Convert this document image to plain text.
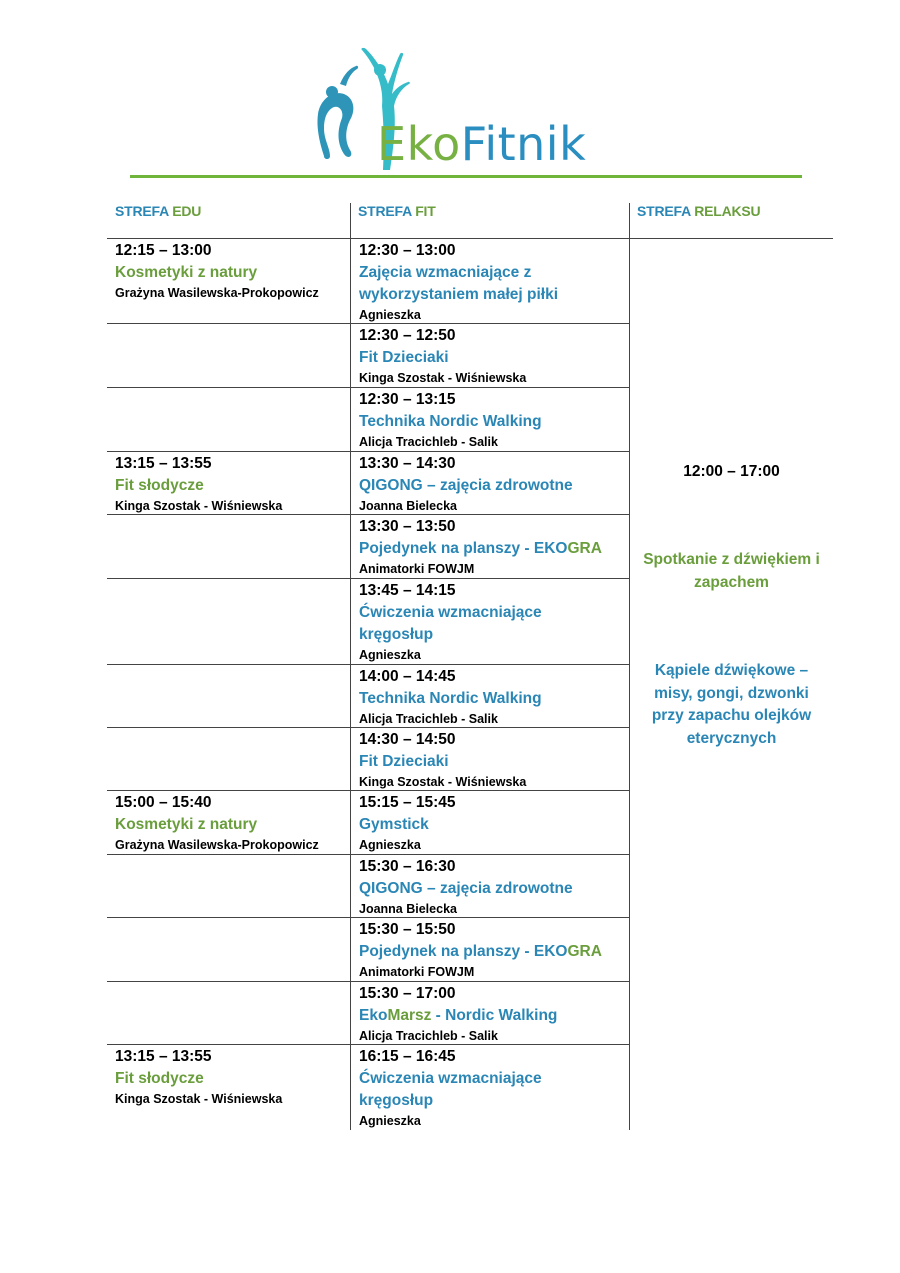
EkoFitnik
STREFA EDU	STREFA FIT	STREFA RELAKSU
12:15 – 13:00
Kosmetyki z natury
Grażyna Wasilewska-Prokopowicz
13:15 – 13:55
Fit słodycze
Kinga Szostak - Wiśniewska
15:00 – 15:40
Kosmetyki z natury
Grażyna Wasilewska-Prokopowicz
13:15 – 13:55
Fit słodycze
Kinga Szostak - Wiśniewska
12:30 – 13:00
Zajęcia wzmacniające z wykorzystaniem małej piłki
Agnieszka
12:30 – 12:50
Fit Dzieciaki
Kinga Szostak - Wiśniewska
12:30 – 13:15
Technika Nordic Walking
Alicja Tracichleb - Salik
13:30 – 14:30
QIGONG – zajęcia zdrowotne
Joanna Bielecka
13:30 – 13:50
Pojedynek na planszy - EKOGRA
Animatorki FOWJM
13:45 – 14:15
Ćwiczenia wzmacniające kręgosłup
Agnieszka
14:00 – 14:45
Technika Nordic Walking
Alicja Tracichleb - Salik
14:30 – 14:50
Fit Dzieciaki
Kinga Szostak - Wiśniewska
15:15 – 15:45
Gymstick
Agnieszka
15:30 – 16:30
QIGONG – zajęcia zdrowotne
Joanna Bielecka
15:30 – 15:50
Pojedynek na planszy - EKOGRA
Animatorki FOWJM
15:30 – 17:00
EkoMarsz - Nordic Walking
Alicja Tracichleb - Salik
16:15 – 16:45
Ćwiczenia wzmacniające kręgosłup
Agnieszka
12:00 – 17:00
Spotkanie z dźwiękiem i zapachem
Kąpiele dźwiękowe – misy, gongi, dzwonki przy zapachu olejków eterycznych
